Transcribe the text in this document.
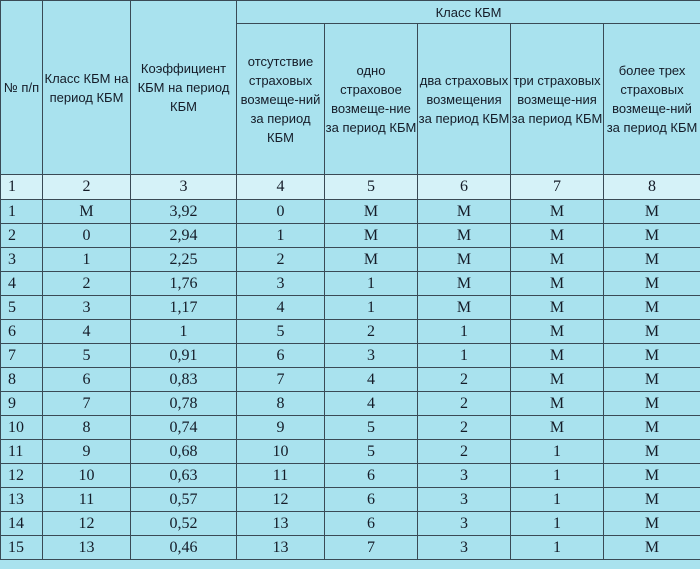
№ п/п	Класс КБМ на период КБМ	Коэффициент КБМ на период КБМ	Класс КБМ				
			отсутствие страховых возмеще-ний за период КБМ	одно страховое возмеще-ние за период КБМ	два страховых возмещения за период КБМ	три страховых возмеще-ния за период КБМ	более трех страховых возмеще-ний за период КБМ
1	2	3	4	5	6	7	8
1	М	3,92	0	М	М	М	М
2	0	2,94	1	М	М	М	М
3	1	2,25	2	М	М	М	М
4	2	1,76	3	1	М	М	М
5	3	1,17	4	1	М	М	М
6	4	1	5	2	1	М	М
7	5	0,91	6	3	1	М	М
8	6	0,83	7	4	2	М	М
9	7	0,78	8	4	2	М	М
10	8	0,74	9	5	2	М	М
11	9	0,68	10	5	2	1	М
12	10	0,63	11	6	3	1	М
13	11	0,57	12	6	3	1	М
14	12	0,52	13	6	3	1	М
15	13	0,46	13	7	3	1	М
